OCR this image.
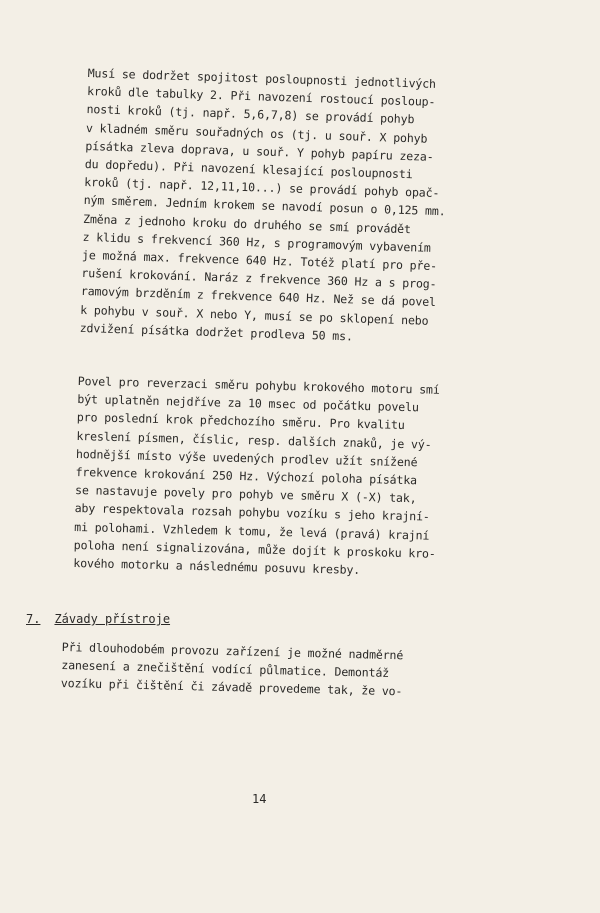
Musí se dodržet spojitost posloupnosti jednotlivých
kroků dle tabulky 2. Při navození rostoucí posloup-
nosti kroků (tj. např. 5,6,7,8) se provádí pohyb
v kladném směru souřadných os (tj. u souř. X pohyb
písátka zleva doprava, u souř. Y pohyb papíru zeza-
du dopředu). Při navození klesající posloupnosti
kroků (tj. např. 12,11,10...) se provádí pohyb opač-
ným směrem. Jedním krokem se navodí posun o 0,125 mm.
Změna z jednoho kroku do druhého se smí provádět
z klidu s frekvencí 360 Hz, s programovým vybavením
je možná max. frekvence 640 Hz. Totéž platí pro pře-
rušení krokování. Naráz z frekvence 360 Hz a s prog-
ramovým brzděním z frekvence 640 Hz. Než se dá povel
k pohybu v souř. X nebo Y, musí se po sklopení nebo
zdvižení písátka dodržet prodleva 50 ms.
Povel pro reverzaci směru pohybu krokového motoru smí
být uplatněn nejdříve za 10 msec od počátku povelu
pro poslední krok předchozího směru. Pro kvalitu
kreslení písmen, číslic, resp. dalších znaků, je vý-
hodnější místo výše uvedených prodlev užít snížené
frekvence krokování 250 Hz. Výchozí poloha písátka
se nastavuje povely pro pohyb ve směru X (-X) tak,
aby respektovala rozsah pohybu vozíku s jeho krajní-
mi polohami. Vzhledem k tomu, že levá (pravá) krajní
poloha není signalizována, může dojít k proskoku kro-
kového motorku a následnému posuvu kresby.
7. Závady přístroje
Při dlouhodobém provozu zařízení je možné nadměrné
zanesení a znečištění vodící půlmatice. Demontáž
vozíku při čištění či závadě provedeme tak, že vo-
14
